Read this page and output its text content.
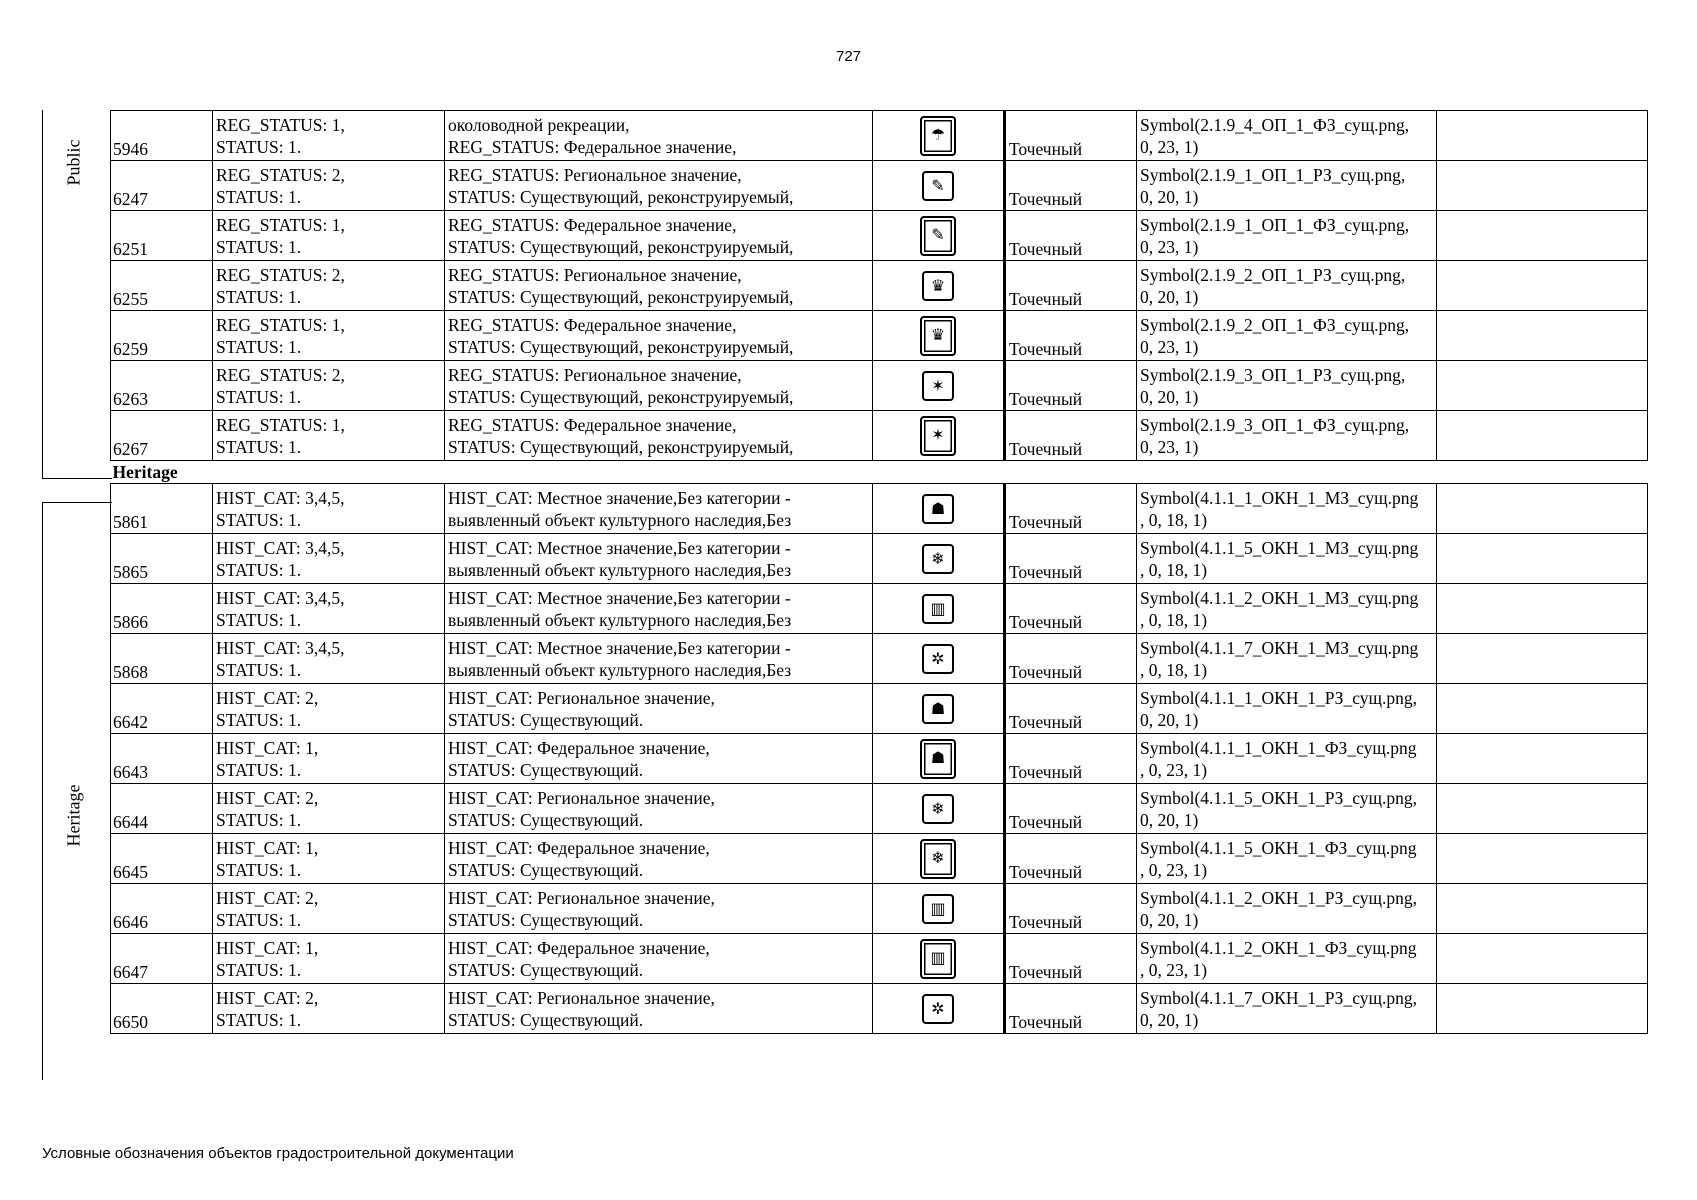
727
Public
Heritage
5946	REG_STATUS: 1,
STATUS: 1.	околоводной рекреации,
REG_STATUS: Федеральное значение,	☂	Точечный	Symbol(2.1.9_4_ОП_1_ФЗ_сущ.png,
0, 23, 1)	

6247	REG_STATUS: 2,
STATUS: 1.	REG_STATUS: Региональное значение,
STATUS: Существующий, реконструируемый,	✎	Точечный	Symbol(2.1.9_1_ОП_1_РЗ_сущ.png,
0, 20, 1)	

6251	REG_STATUS: 1,
STATUS: 1.	REG_STATUS: Федеральное значение,
STATUS: Существующий, реконструируемый,	✎	Точечный	Symbol(2.1.9_1_ОП_1_ФЗ_сущ.png,
0, 23, 1)	

6255	REG_STATUS: 2,
STATUS: 1.	REG_STATUS: Региональное значение,
STATUS: Существующий, реконструируемый,	♛	Точечный	Symbol(2.1.9_2_ОП_1_РЗ_сущ.png,
0, 20, 1)	

6259	REG_STATUS: 1,
STATUS: 1.	REG_STATUS: Федеральное значение,
STATUS: Существующий, реконструируемый,	♛	Точечный	Symbol(2.1.9_2_ОП_1_ФЗ_сущ.png,
0, 23, 1)	

6263	REG_STATUS: 2,
STATUS: 1.	REG_STATUS: Региональное значение,
STATUS: Существующий, реконструируемый,	✶	Точечный	Symbol(2.1.9_3_ОП_1_РЗ_сущ.png,
0, 20, 1)	

6267	REG_STATUS: 1,
STATUS: 1.	REG_STATUS: Федеральное значение,
STATUS: Существующий, реконструируемый,	✶	Точечный	Symbol(2.1.9_3_ОП_1_ФЗ_сущ.png,
0, 23, 1)	

Heritage						
5861	HIST_CAT: 3,4,5,
STATUS: 1.	HIST_CAT: Местное значение,Без категории -
выявленный объект культурного наследия,Без	☗	Точечный	Symbol(4.1.1_1_ОКН_1_МЗ_сущ.png
, 0, 18, 1)	

5865	HIST_CAT: 3,4,5,
STATUS: 1.	HIST_CAT: Местное значение,Без категории -
выявленный объект культурного наследия,Без	❄	Точечный	Symbol(4.1.1_5_ОКН_1_МЗ_сущ.png
, 0, 18, 1)	

5866	HIST_CAT: 3,4,5,
STATUS: 1.	HIST_CAT: Местное значение,Без категории -
выявленный объект культурного наследия,Без	▥	Точечный	Symbol(4.1.1_2_ОКН_1_МЗ_сущ.png
, 0, 18, 1)	

5868	HIST_CAT: 3,4,5,
STATUS: 1.	HIST_CAT: Местное значение,Без категории -
выявленный объект культурного наследия,Без	✲	Точечный	Symbol(4.1.1_7_ОКН_1_МЗ_сущ.png
, 0, 18, 1)	

6642	HIST_CAT: 2,
STATUS: 1.	HIST_CAT: Региональное значение,
STATUS: Существующий.	☗	Точечный	Symbol(4.1.1_1_ОКН_1_РЗ_сущ.png,
0, 20, 1)	

6643	HIST_CAT: 1,
STATUS: 1.	HIST_CAT: Федеральное значение,
STATUS: Существующий.	☗	Точечный	Symbol(4.1.1_1_ОКН_1_ФЗ_сущ.png
, 0, 23, 1)	

6644	HIST_CAT: 2,
STATUS: 1.	HIST_CAT: Региональное значение,
STATUS: Существующий.	❄	Точечный	Symbol(4.1.1_5_ОКН_1_РЗ_сущ.png,
0, 20, 1)	

6645	HIST_CAT: 1,
STATUS: 1.	HIST_CAT: Федеральное значение,
STATUS: Существующий.	❄	Точечный	Symbol(4.1.1_5_ОКН_1_ФЗ_сущ.png
, 0, 23, 1)	

6646	HIST_CAT: 2,
STATUS: 1.	HIST_CAT: Региональное значение,
STATUS: Существующий.	▥	Точечный	Symbol(4.1.1_2_ОКН_1_РЗ_сущ.png,
0, 20, 1)	

6647	HIST_CAT: 1,
STATUS: 1.	HIST_CAT: Федеральное значение,
STATUS: Существующий.	▥	Точечный	Symbol(4.1.1_2_ОКН_1_ФЗ_сущ.png
, 0, 23, 1)	

6650	HIST_CAT: 2,
STATUS: 1.	HIST_CAT: Региональное значение,
STATUS: Существующий.	✲	Точечный	Symbol(4.1.1_7_ОКН_1_РЗ_сущ.png,
0, 20, 1)	

Условные обозначения объектов градостроительной документации
